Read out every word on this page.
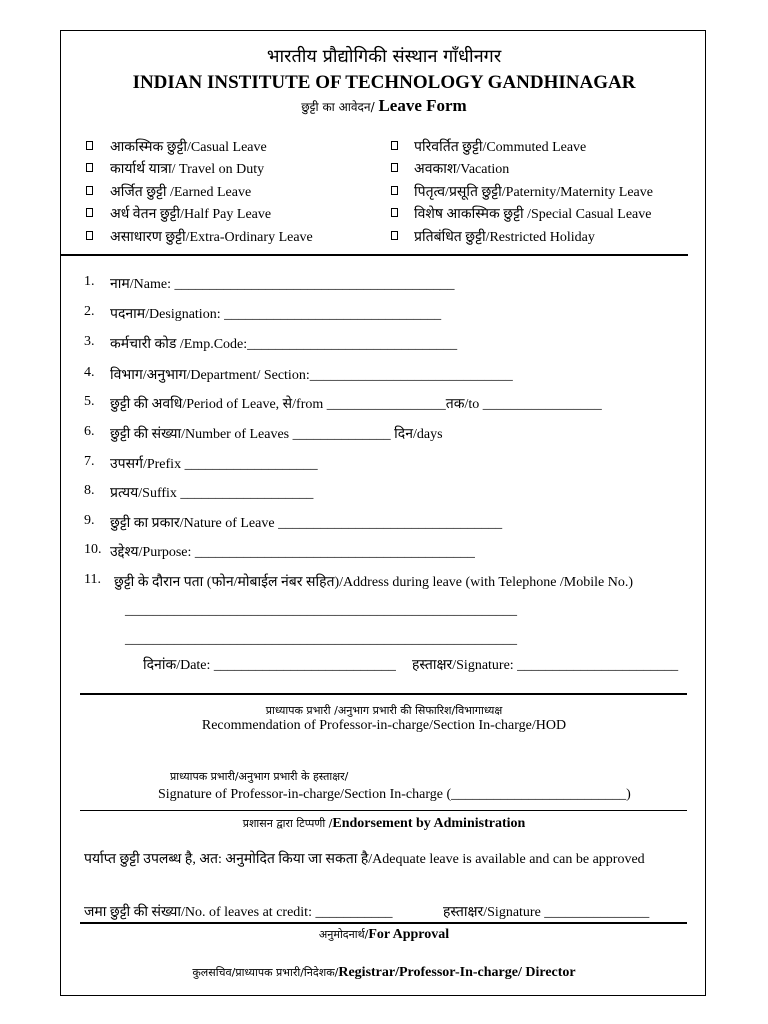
भारतीय प्रौद्योगिकी संस्थान गाँधीनगर
INDIAN INSTITUTE OF TECHNOLOGY GANDHINAGAR
छुट्टी का आवेदन/ Leave Form
आकस्मिक छुट्टी/Casual Leave
कार्यार्थ यात्रा/ Travel on Duty
अर्जित छुट्टी /Earned Leave
अर्ध वेतन छुट्टी/Half Pay Leave
असाधारण छुट्टी/Extra-Ordinary Leave
परिवर्तित छुट्टी/Commuted Leave
अवकाश/Vacation
पितृत्व/प्रसूति छुट्टी/Paternity/Maternity Leave
विशेष आकस्मिक छुट्टी /Special Casual Leave
प्रतिबंधित छुट्टी/Restricted Holiday
1. नाम/Name: ________________________________________
2. पदनाम/Designation: _______________________________
3. कर्मचारी कोड /Emp.Code:______________________________
4. विभाग/अनुभाग/Department/ Section:_____________________________
5. छुट्टी की अवधि/Period of Leave, से/from _________________तक/to _________________
6. छुट्टी की संख्या/Number of Leaves ______________ दिन/days
7. उपसर्ग/Prefix ___________________
8. प्रत्यय/Suffix ___________________
9. छुट्टी का प्रकार/Nature of Leave ________________________________
10. उद्देश्य/Purpose: ________________________________________
11. छुट्टी के दौरान पता (फोन/मोबाईल नंबर सहित)/Address during leave (with Telephone /Mobile No.)
________________________________________________________
________________________________________________________
दिनांक/Date: __________________________ हस्ताक्षर/Signature: _______________________
प्राध्यापक प्रभारी /अनुभाग प्रभारी की सिफारिश/विभागाध्यक्ष
Recommendation of Professor-in-charge/Section In-charge/HOD
प्राध्यापक प्रभारी/अनुभाग प्रभारी के हस्ताक्षर/
Signature of Professor-in-charge/Section In-charge (_________________________)
प्रशासन द्वारा टिप्पणी /Endorsement by Administration
पर्याप्त छुट्टी उपलब्ध है, अत: अनुमोदित किया जा सकता है/Adequate leave is available and can be approved
जमा छुट्टी की संख्या/No. of leaves at credit: ___________	हस्ताक्षर/Signature _______________
अनुमोदनार्थ/For Approval
कुलसचिव/प्राध्यापक प्रभारी/निदेशक/Registrar/Professor-In-charge/ Director
